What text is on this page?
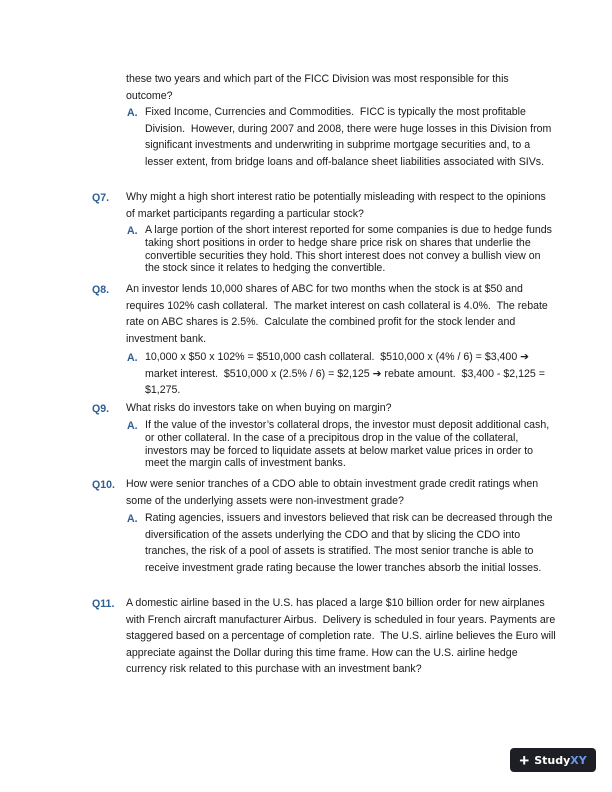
these two years and which part of the FICC Division was most responsible for this outcome?
A. Fixed Income, Currencies and Commodities.  FICC is typically the most profitable Division.  However, during 2007 and 2008, there were huge losses in this Division from significant investments and underwriting in subprime mortgage securities and, to a lesser extent, from bridge loans and off-balance sheet liabilities associated with SIVs.
Q7. Why might a high short interest ratio be potentially misleading with respect to the opinions of market participants regarding a particular stock?
A. A large portion of the short interest reported for some companies is due to hedge funds taking short positions in order to hedge share price risk on shares that underlie the convertible securities they hold. This short interest does not convey a bullish view on the stock since it relates to hedging the convertible.
Q8. An investor lends 10,000 shares of ABC for two months when the stock is at $50 and requires 102% cash collateral.  The market interest on cash collateral is 4.0%.  The rebate rate on ABC shares is 2.5%.  Calculate the combined profit for the stock lender and investment bank.
A. 10,000 x $50 x 102% = $510,000 cash collateral.  $510,000 x (4% / 6) = $3,400 ➔ market interest.  $510,000 x (2.5% / 6) = $2,125 ➔ rebate amount.  $3,400 - $2,125 = $1,275.
Q9. What risks do investors take on when buying on margin?
A. If the value of the investor’s collateral drops, the investor must deposit additional cash, or other collateral. In the case of a precipitous drop in the value of the collateral, investors may be forced to liquidate assets at below market value prices in order to meet the margin calls of investment banks.
Q10. How were senior tranches of a CDO able to obtain investment grade credit ratings when some of the underlying assets were non-investment grade?
A. Rating agencies, issuers and investors believed that risk can be decreased through the diversification of the assets underlying the CDO and that by slicing the CDO into tranches, the risk of a pool of assets is stratified. The most senior tranche is able to receive investment grade rating because the lower tranches absorb the initial losses.
Q11. A domestic airline based in the U.S. has placed a large $10 billion order for new airplanes with French aircraft manufacturer Airbus.  Delivery is scheduled in four years. Payments are staggered based on a percentage of completion rate.  The U.S. airline believes the Euro will appreciate against the Dollar during this time frame. How can the U.S. airline hedge currency risk related to this purchase with an investment bank?
+ StudyXY
